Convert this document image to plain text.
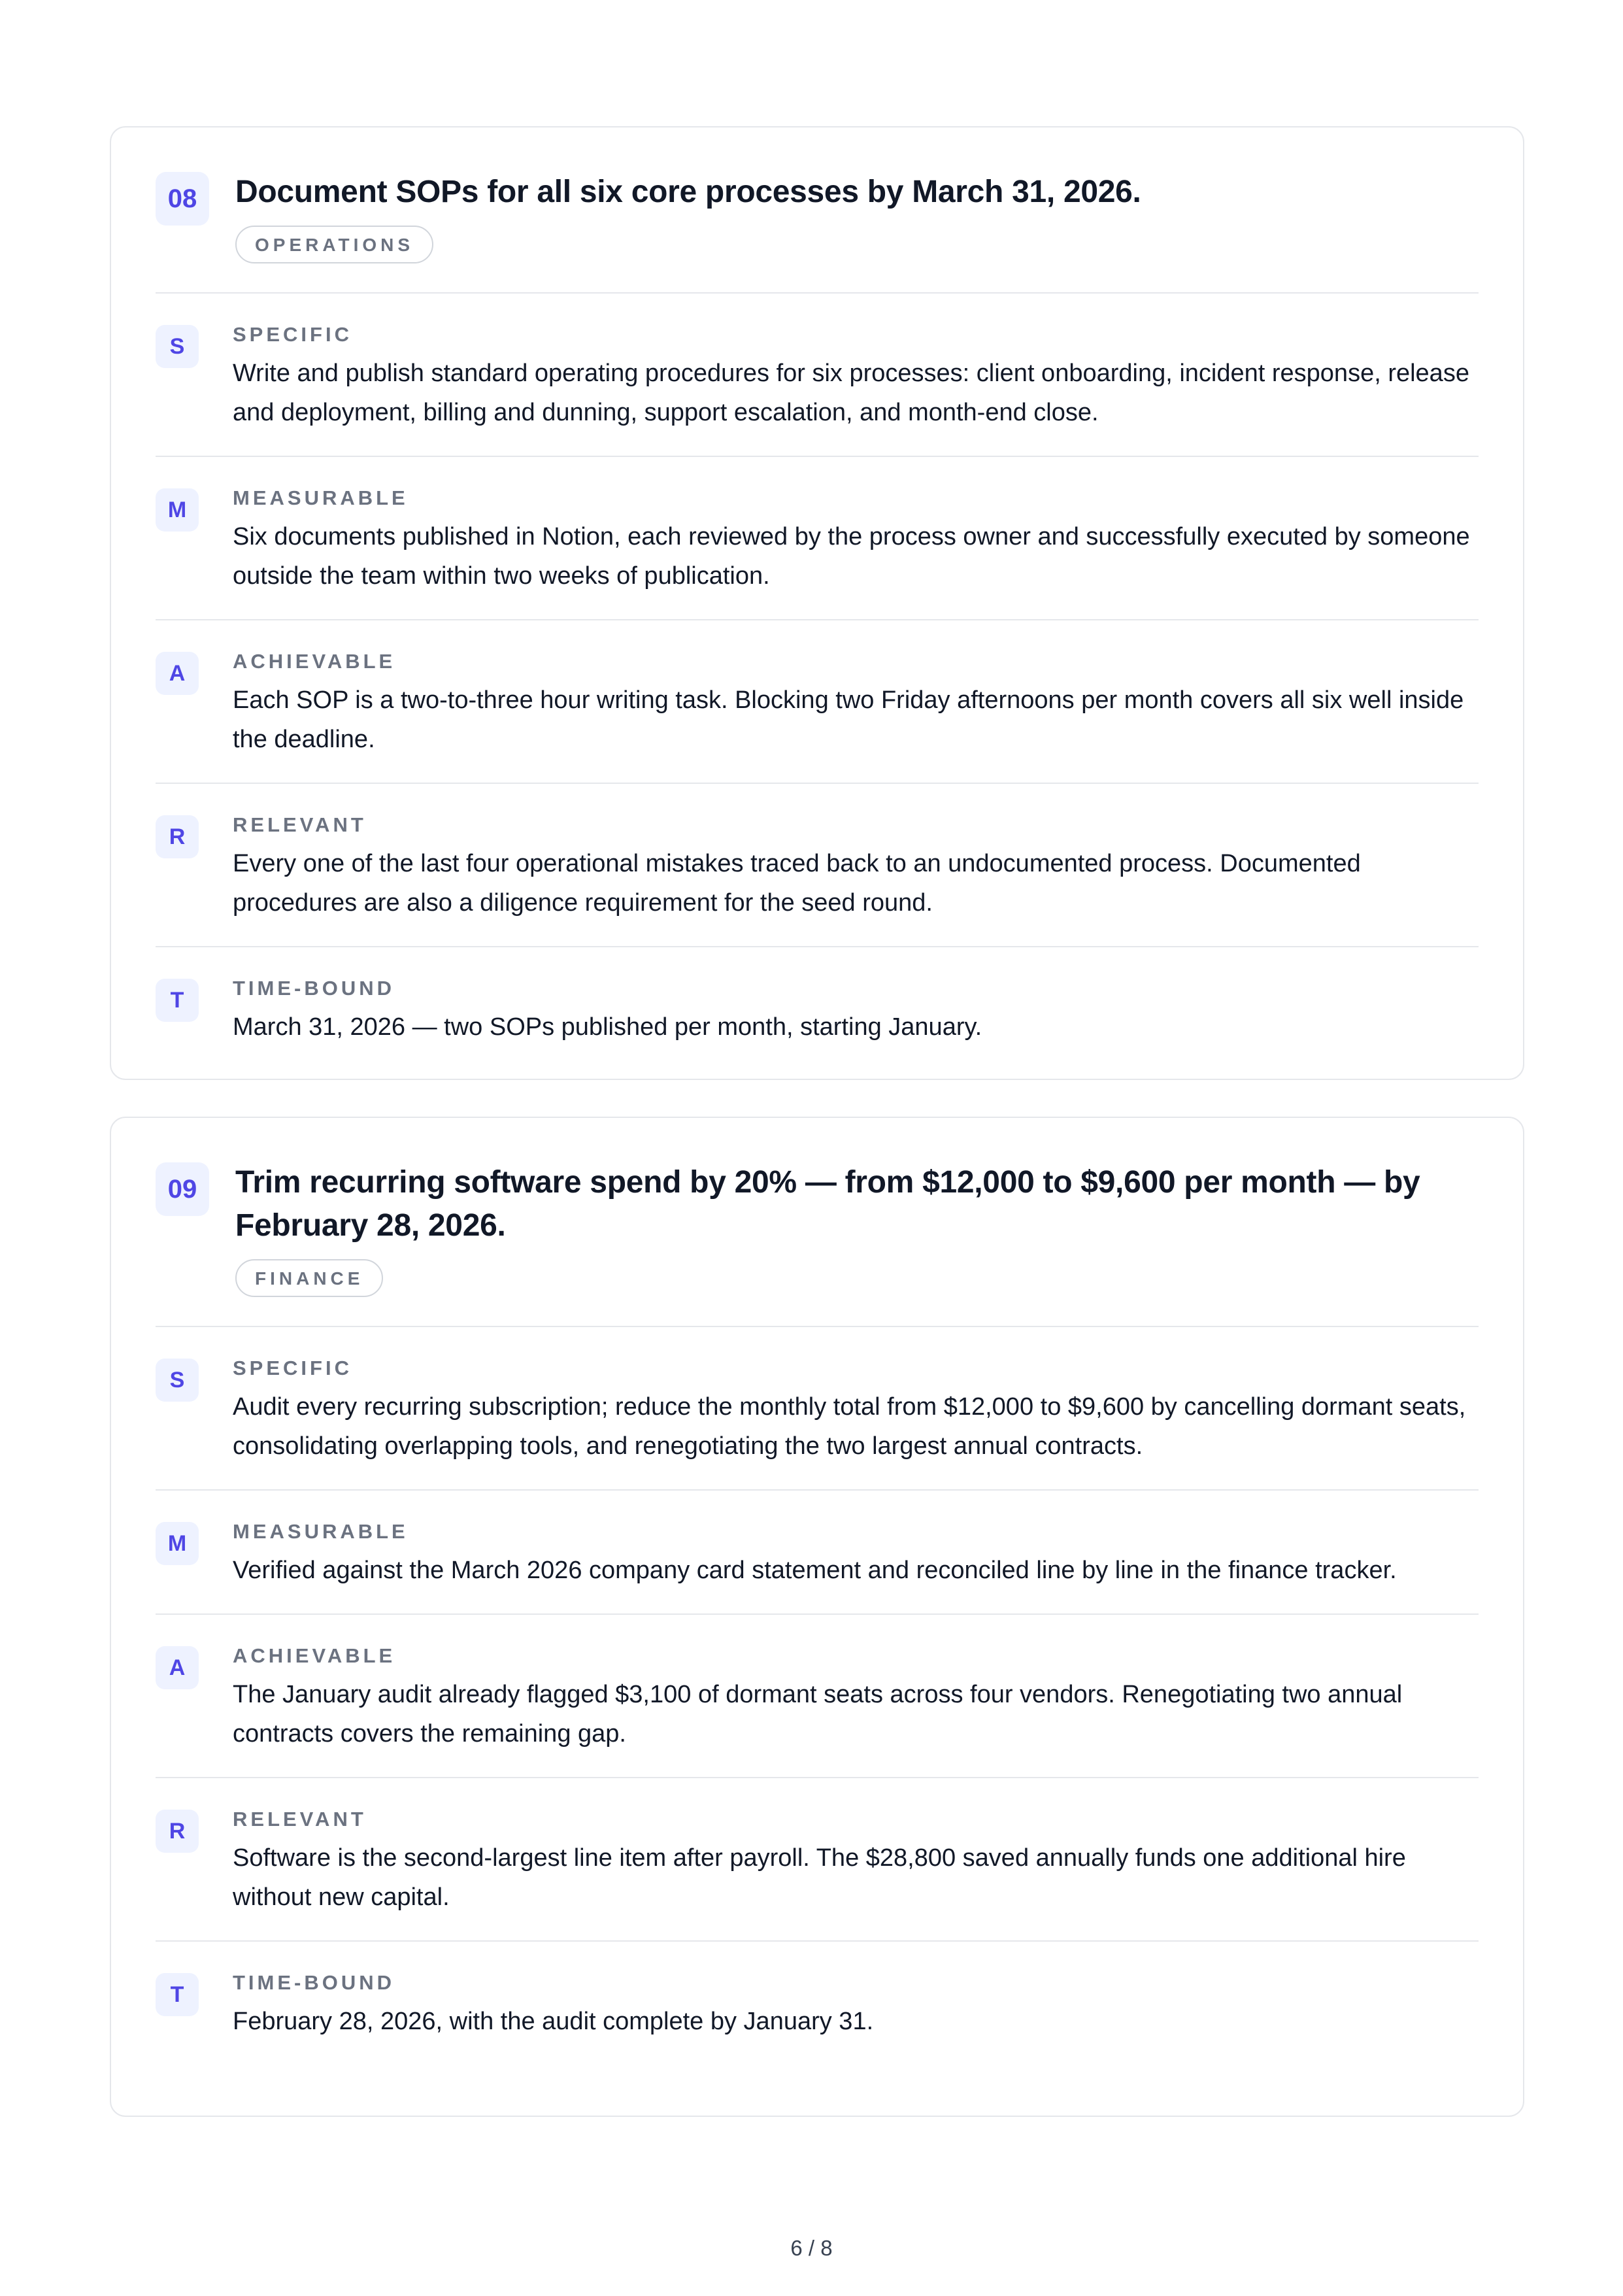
08	Document SOPs for all six core processes by March 31, 2026.
OPERATIONS
S	SPECIFIC

Write and publish standard operating procedures for six processes: client onboarding, incident response, release and deployment, billing and dunning, support escalation, and month-end close.

M	MEASURABLE

Six documents published in Notion, each reviewed by the process owner and successfully executed by someone outside the team within two weeks of publication.

A	ACHIEVABLE

Each SOP is a two-to-three hour writing task. Blocking two Friday afternoons per month covers all six well inside the deadline.

R	RELEVANT

Every one of the last four operational mistakes traced back to an undocumented process. Documented procedures are also a diligence requirement for the seed round.

T	TIME-BOUND

March 31, 2026 — two SOPs published per month, starting January.

09	Trim recurring software spend by 20% — from $12,000 to $9,600 per month — by February 28, 2026.
FINANCE
S	SPECIFIC

Audit every recurring subscription; reduce the monthly total from $12,000 to $9,600 by cancelling dormant seats, consolidating overlapping tools, and renegotiating the two largest annual contracts.

M	MEASURABLE

Verified against the March 2026 company card statement and reconciled line by line in the finance tracker.

A	ACHIEVABLE

The January audit already flagged $3,100 of dormant seats across four vendors. Renegotiating two annual contracts covers the remaining gap.

R	RELEVANT

Software is the second-largest line item after payroll. The $28,800 saved annually funds one additional hire without new capital.

T	TIME-BOUND

February 28, 2026, with the audit complete by January 31.

6 / 8
